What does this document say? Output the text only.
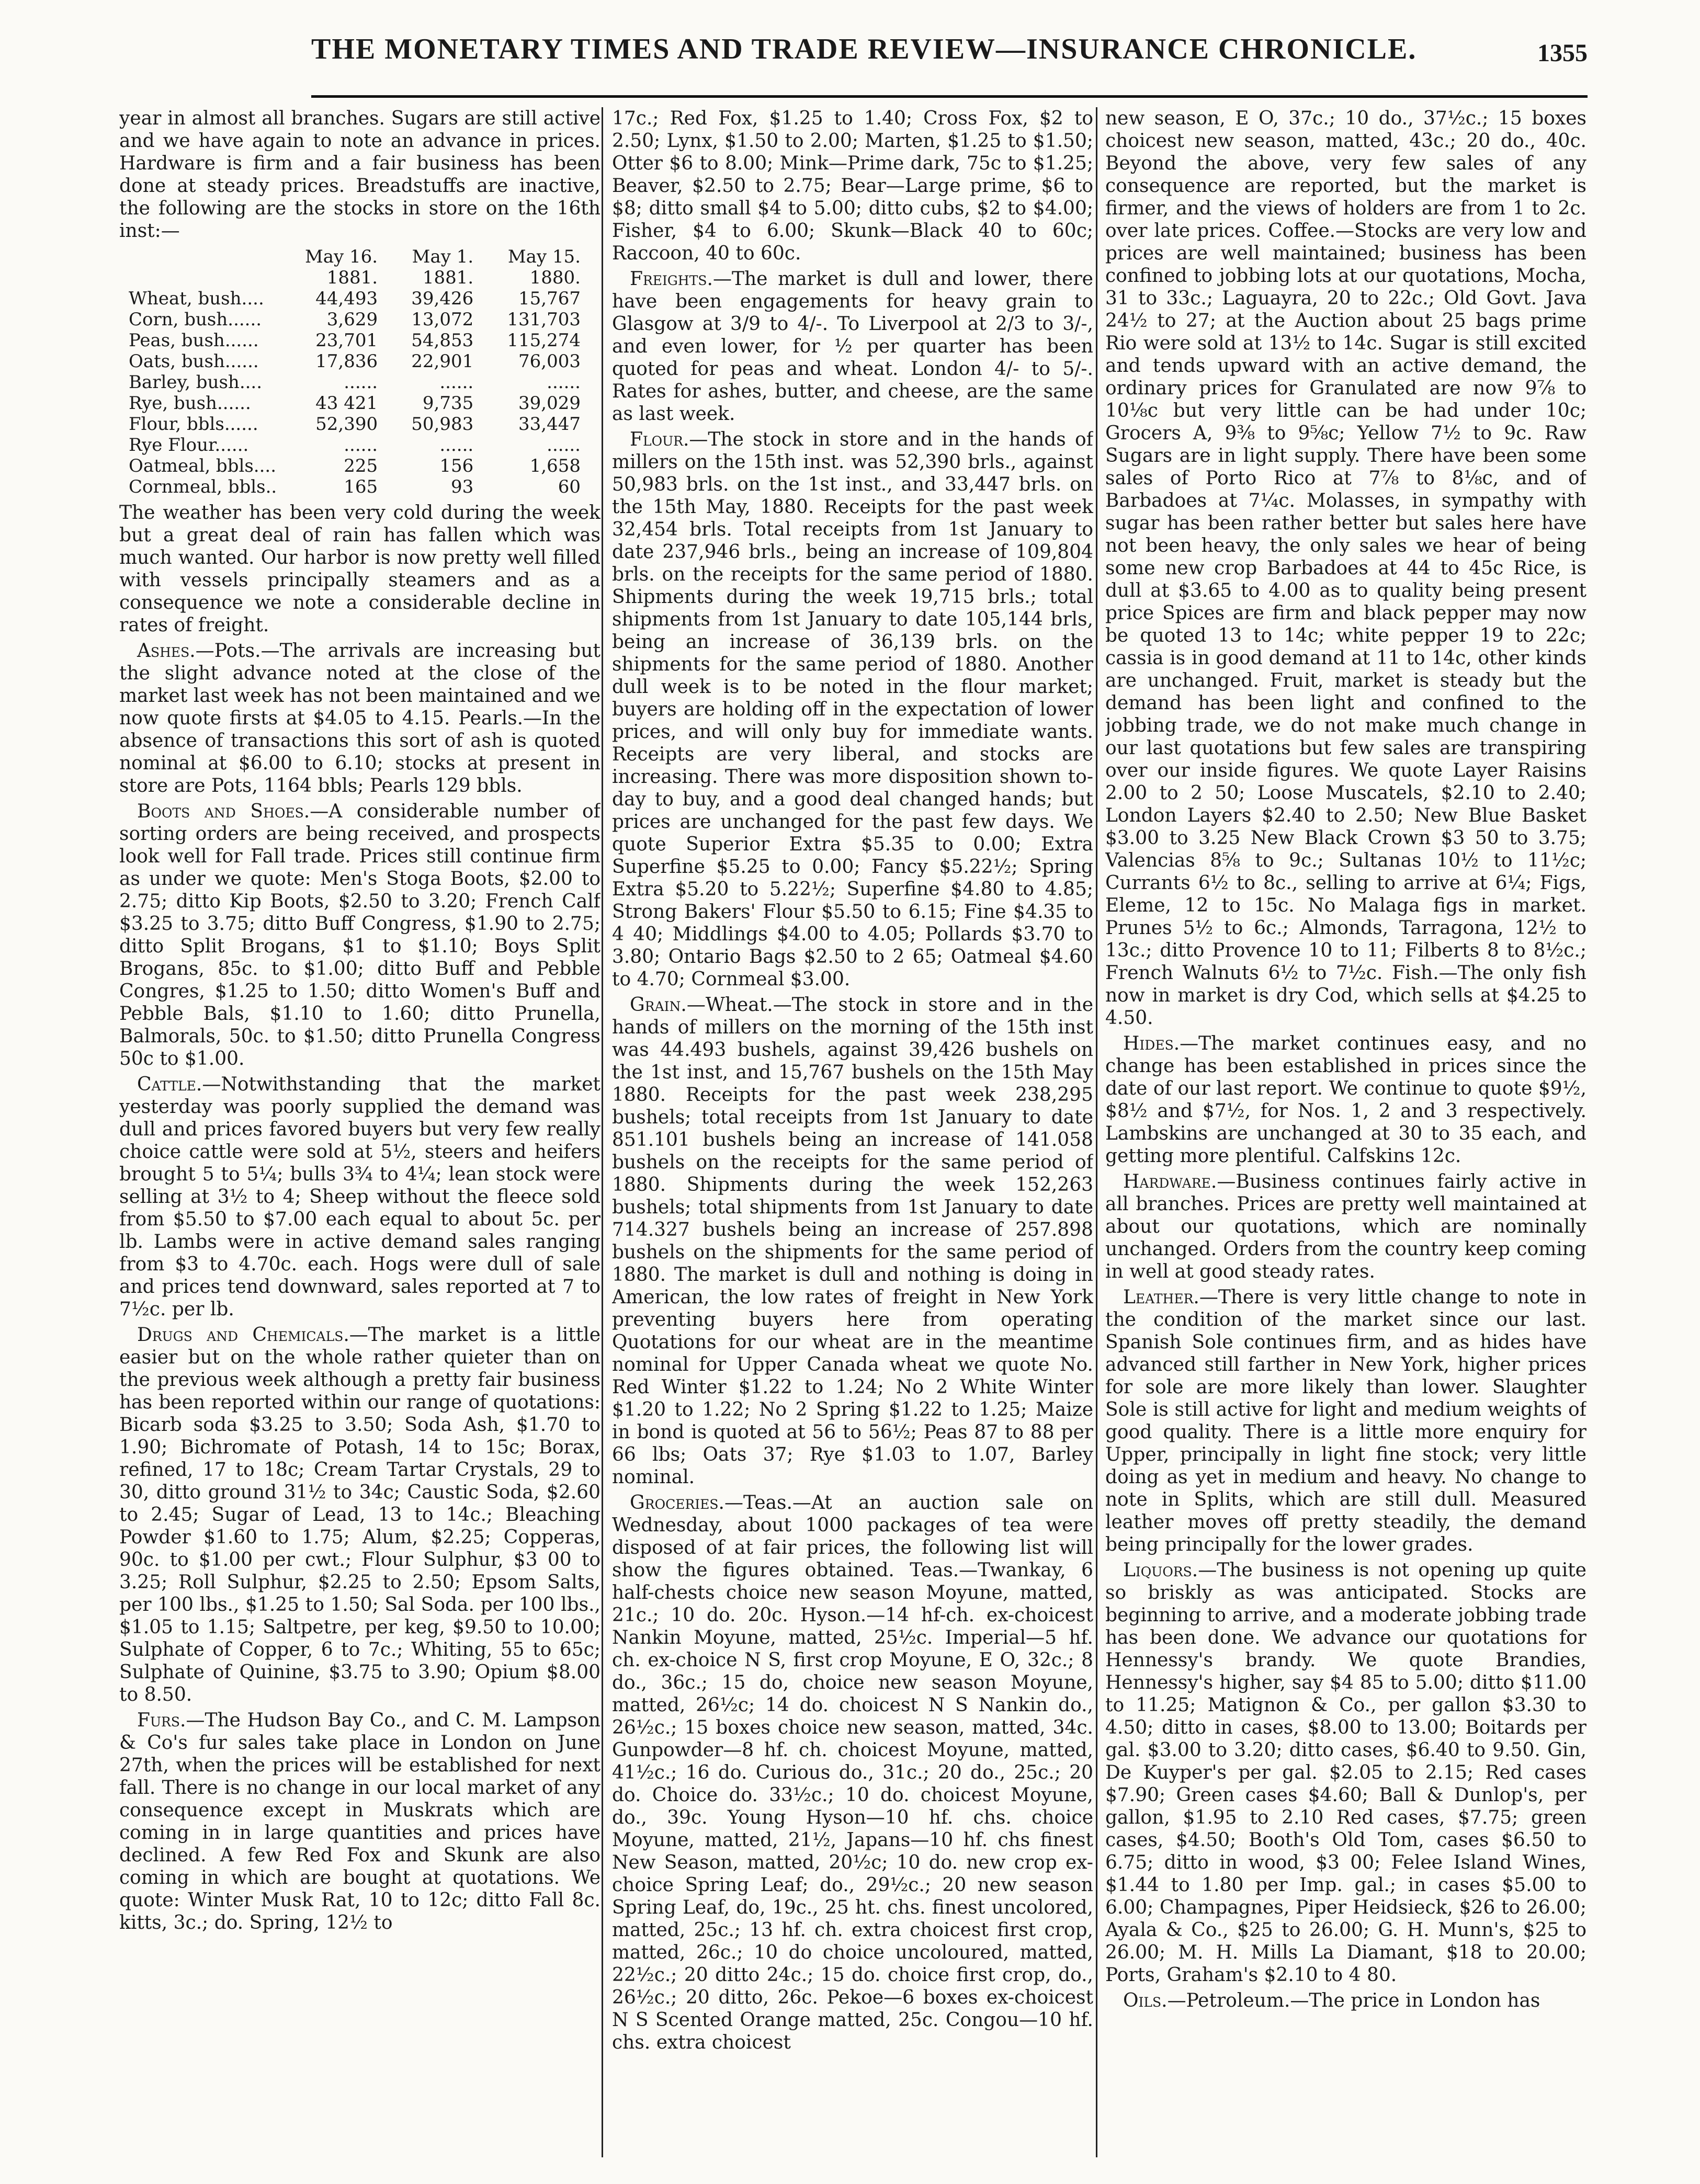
THE MONETARY TIMES AND TRADE REVIEW—INSURANCE CHRONICLE.	1355

year in almost all branches. Sugars are still active and we have again to note an advance in prices. Hardware is firm and a fair business has been done at steady prices. Breadstuffs are inactive, the following are the stocks in store on the 16th inst:—

	May 16. 1881.	May 1. 1881.	May 15. 1880.
Wheat, bush....	44,493	39,426	15,767
Corn, bush......	3,629	13,072	131,703
Peas, bush......	23,701	54,853	115,274
Oats, bush......	17,836	22,901	76,003
Barley, bush....	......	......	......
Rye, bush......	43 421	9,735	39,029
Flour, bbls......	52,390	50,983	33,447
Rye Flour......	......	......	......
Oatmeal, bbls....	225	156	1,658
Cornmeal, bbls..	165	93	60

The weather has been very cold during the week but a great deal of rain has fallen which was much wanted. Our harbor is now pretty well filled with vessels principally steamers and as a consequence we note a considerable decline in rates of freight.

Ashes.—Pots.—The arrivals are increasing but the slight advance noted at the close of the market last week has not been maintained and we now quote firsts at $4.05 to 4.15. Pearls.—In the absence of transactions this sort of ash is quoted nominal at $6.00 to 6.10; stocks at present in store are Pots, 1164 bbls; Pearls 129 bbls.

Boots and Shoes.—A considerable number of sorting orders are being received, and prospects look well for Fall trade. Prices still continue firm as under we quote: Men's Stoga Boots, $2.00 to 2.75; ditto Kip Boots, $2.50 to 3.20; French Calf $3.25 to 3.75; ditto Buff Congress, $1.90 to 2.75; ditto Split Brogans, $1 to $1.10; Boys Split Brogans, 85c. to $1.00; ditto Buff and Pebble Congres, $1.25 to 1.50; ditto Women's Buff and Pebble Bals, $1.10 to 1.60; ditto Prunella, Balmorals, 50c. to $1.50; ditto Prunella Congress 50c to $1.00.

Cattle.—Notwithstanding that the market yesterday was poorly supplied the demand was dull and prices favored buyers but very few really choice cattle were sold at 5½, steers and heifers brought 5 to 5¼; bulls 3¾ to 4¼; lean stock were selling at 3½ to 4; Sheep without the fleece sold from $5.50 to $7.00 each equal to about 5c. per lb. Lambs were in active demand sales ranging from $3 to 4.70c. each. Hogs were dull of sale and prices tend downward, sales reported at 7 to 7½c. per lb.

Drugs and Chemicals.—The market is a little easier but on the whole rather quieter than on the previous week although a pretty fair business has been reported within our range of quotations: Bicarb soda $3.25 to 3.50; Soda Ash, $1.70 to 1.90; Bichromate of Potash, 14 to 15c; Borax, refined, 17 to 18c; Cream Tartar Crystals, 29 to 30, ditto ground 31½ to 34c; Caustic Soda, $2.60 to 2.45; Sugar of Lead, 13 to 14c.; Bleaching Powder $1.60 to 1.75; Alum, $2.25; Copperas, 90c. to $1.00 per cwt.; Flour Sulphur, $3 00 to 3.25; Roll Sulphur, $2.25 to 2.50; Epsom Salts, per 100 lbs., $1.25 to 1.50; Sal Soda. per 100 lbs., $1.05 to 1.15; Saltpetre, per keg, $9.50 to 10.00; Sulphate of Copper, 6 to 7c.; Whiting, 55 to 65c; Sulphate of Quinine, $3.75 to 3.90; Opium $8.00 to 8.50.

Furs.—The Hudson Bay Co., and C. M. Lampson & Co's fur sales take place in London on June 27th, when the prices will be established for next fall. There is no change in our local market of any consequence except in Muskrats which are coming in in large quantities and prices have declined. A few Red Fox and Skunk are also coming in which are bought at quotations. We quote: Winter Musk Rat, 10 to 12c; ditto Fall 8c. kitts, 3c.; do. Spring, 12½ to

17c.; Red Fox, $1.25 to 1.40; Cross Fox, $2 to 2.50; Lynx, $1.50 to 2.00; Marten, $1.25 to $1.50; Otter $6 to 8.00; Mink—Prime dark, 75c to $1.25; Beaver, $2.50 to 2.75; Bear—Large prime, $6 to $8; ditto small $4 to 5.00; ditto cubs, $2 to $4.00; Fisher, $4 to 6.00; Skunk—Black 40 to 60c; Raccoon, 40 to 60c.

Freights.—The market is dull and lower, there have been engagements for heavy grain to Glasgow at 3/9 to 4/-. To Liverpool at 2/3 to 3/-, and even lower, for ½ per quarter has been quoted for peas and wheat. London 4/- to 5/-. Rates for ashes, butter, and cheese, are the same as last week.

Flour.—The stock in store and in the hands of millers on the 15th inst. was 52,390 brls., against 50,983 brls. on the 1st inst., and 33,447 brls. on the 15th May, 1880. Receipts for the past week 32,454 brls. Total receipts from 1st January to date 237,946 brls., being an increase of 109,804 brls. on the receipts for the same period of 1880. Shipments during the week 19,715 brls.; total shipments from 1st January to date 105,144 brls, being an increase of 36,139 brls. on the shipments for the same period of 1880. Another dull week is to be noted in the flour market; buyers are holding off in the expectation of lower prices, and will only buy for immediate wants. Receipts are very liberal, and stocks are increasing. There was more disposition shown to-day to buy, and a good deal changed hands; but prices are unchanged for the past few days. We quote Superior Extra $5.35 to 0.00; Extra Superfine $5.25 to 0.00; Fancy $5.22½; Spring Extra $5.20 to 5.22½; Superfine $4.80 to 4.85; Strong Bakers' Flour $5.50 to 6.15; Fine $4.35 to 4 40; Middlings $4.00 to 4.05; Pollards $3.70 to 3.80; Ontario Bags $2.50 to 2 65; Oatmeal $4.60 to 4.70; Cornmeal $3.00.

Grain.—Wheat.—The stock in store and in the hands of millers on the morning of the 15th inst was 44.493 bushels, against 39,426 bushels on the 1st inst, and 15,767 bushels on the 15th May 1880. Receipts for the past week 238,295 bushels; total receipts from 1st January to date 851.101 bushels being an increase of 141.058 bushels on the receipts for the same period of 1880. Shipments during the week 152,263 bushels; total shipments from 1st January to date 714.327 bushels being an increase of 257.898 bushels on the shipments for the same period of 1880. The market is dull and nothing is doing in American, the low rates of freight in New York preventing buyers here from operating Quotations for our wheat are in the meantime nominal for Upper Canada wheat we quote No. Red Winter $1.22 to 1.24; No 2 White Winter $1.20 to 1.22; No 2 Spring $1.22 to 1.25; Maize in bond is quoted at 56 to 56½; Peas 87 to 88 per 66 lbs; Oats 37; Rye $1.03 to 1.07, Barley nominal.

Groceries.—Teas.—At an auction sale on Wednesday, about 1000 packages of tea were disposed of at fair prices, the following list will show the figures obtained. Teas.—Twankay, 6 half-chests choice new season Moyune, matted, 21c.; 10 do. 20c. Hyson.—14 hf-ch. ex-choicest Nankin Moyune, matted, 25½c. Imperial—5 hf. ch. ex-choice N S, first crop Moyune, E O, 32c.; 8 do., 36c.; 15 do, choice new season Moyune, matted, 26½c; 14 do. choicest N S Nankin do., 26½c.; 15 boxes choice new season, matted, 34c. Gunpowder—8 hf. ch. choicest Moyune, matted, 41½c.; 16 do. Curious do., 31c.; 20 do., 25c.; 20 do. Choice do. 33½c.; 10 do. choicest Moyune, do., 39c. Young Hyson—10 hf. chs. choice Moyune, matted, 21½, Japans—10 hf. chs finest New Season, matted, 20½c; 10 do. new crop ex-choice Spring Leaf; do., 29½c.; 20 new season Spring Leaf, do, 19c., 25 ht. chs. finest uncolored, matted, 25c.; 13 hf. ch. extra choicest first crop, matted, 26c.; 10 do choice uncoloured, matted, 22½c.; 20 ditto 24c.; 15 do. choice first crop, do., 26½c.; 20 ditto, 26c. Pekoe—6 boxes ex-choicest N S Scented Orange matted, 25c. Congou—10 hf. chs. extra choicest

new season, E O, 37c.; 10 do., 37½c.; 15 boxes choicest new season, matted, 43c.; 20 do., 40c. Beyond the above, very few sales of any consequence are reported, but the market is firmer, and the views of holders are from 1 to 2c. over late prices. Coffee.—Stocks are very low and prices are well maintained; business has been confined to jobbing lots at our quotations, Mocha, 31 to 33c.; Laguayra, 20 to 22c.; Old Govt. Java 24½ to 27; at the Auction about 25 bags prime Rio were sold at 13½ to 14c. Sugar is still excited and tends upward with an active demand, the ordinary prices for Granulated are now 9⅞ to 10⅛c but very little can be had under 10c; Grocers A, 9⅜ to 9⅝c; Yellow 7½ to 9c. Raw Sugars are in light supply. There have been some sales of Porto Rico at 7⅞ to 8⅛c, and of Barbadoes at 7¼c. Molasses, in sympathy with sugar has been rather better but sales here have not been heavy, the only sales we hear of being some new crop Barbadoes at 44 to 45c Rice, is dull at $3.65 to 4.00 as to quality being present price Spices are firm and black pepper may now be quoted 13 to 14c; white pepper 19 to 22c; cassia is in good demand at 11 to 14c, other kinds are unchanged. Fruit, market is steady but the demand has been light and confined to the jobbing trade, we do not make much change in our last quotations but few sales are transpiring over our inside figures. We quote Layer Raisins 2.00 to 2 50; Loose Muscatels, $2.10 to 2.40; London Layers $2.40 to 2.50; New Blue Basket $3.00 to 3.25 New Black Crown $3 50 to 3.75; Valencias 8⅝ to 9c.; Sultanas 10½ to 11½c; Currants 6½ to 8c., selling to arrive at 6¼; Figs, Eleme, 12 to 15c. No Malaga figs in market. Prunes 5½ to 6c.; Almonds, Tarragona, 12½ to 13c.; ditto Provence 10 to 11; Filberts 8 to 8½c.; French Walnuts 6½ to 7½c. Fish.—The only fish now in market is dry Cod, which sells at $4.25 to 4.50.

Hides.—The market continues easy, and no change has been established in prices since the date of our last report. We continue to quote $9½, $8½ and $7½, for Nos. 1, 2 and 3 respectively. Lambskins are unchanged at 30 to 35 each, and getting more plentiful. Calfskins 12c.

Hardware.—Business continues fairly active in all branches. Prices are pretty well maintained at about our quotations, which are nominally unchanged. Orders from the country keep coming in well at good steady rates.

Leather.—There is very little change to note in the condition of the market since our last. Spanish Sole continues firm, and as hides have advanced still farther in New York, higher prices for sole are more likely than lower. Slaughter Sole is still active for light and medium weights of good quality. There is a little more enquiry for Upper, principally in light fine stock; very little doing as yet in medium and heavy. No change to note in Splits, which are still dull. Measured leather moves off pretty steadily, the demand being principally for the lower grades.

Liquors.—The business is not opening up quite so briskly as was anticipated. Stocks are beginning to arrive, and a moderate jobbing trade has been done. We advance our quotations for Hennessy's brandy. We quote Brandies, Hennessy's higher, say $4 85 to 5.00; ditto $11.00 to 11.25; Matignon & Co., per gallon $3.30 to 4.50; ditto in cases, $8.00 to 13.00; Boitards per gal. $3.00 to 3.20; ditto cases, $6.40 to 9.50. Gin, De Kuyper's per gal. $2.05 to 2.15; Red cases $7.90; Green cases $4.60; Ball & Dunlop's, per gallon, $1.95 to 2.10 Red cases, $7.75; green cases, $4.50; Booth's Old Tom, cases $6.50 to 6.75; ditto in wood, $3 00; Felee Island Wines, $1.44 to 1.80 per Imp. gal.; in cases $5.00 to 6.00; Champagnes, Piper Heidsieck, $26 to 26.00; Ayala & Co., $25 to 26.00; G. H. Munn's, $25 to 26.00; M. H. Mills La Diamant, $18 to 20.00; Ports, Graham's $2.10 to 4 80.

Oils.—Petroleum.—The price in London has
